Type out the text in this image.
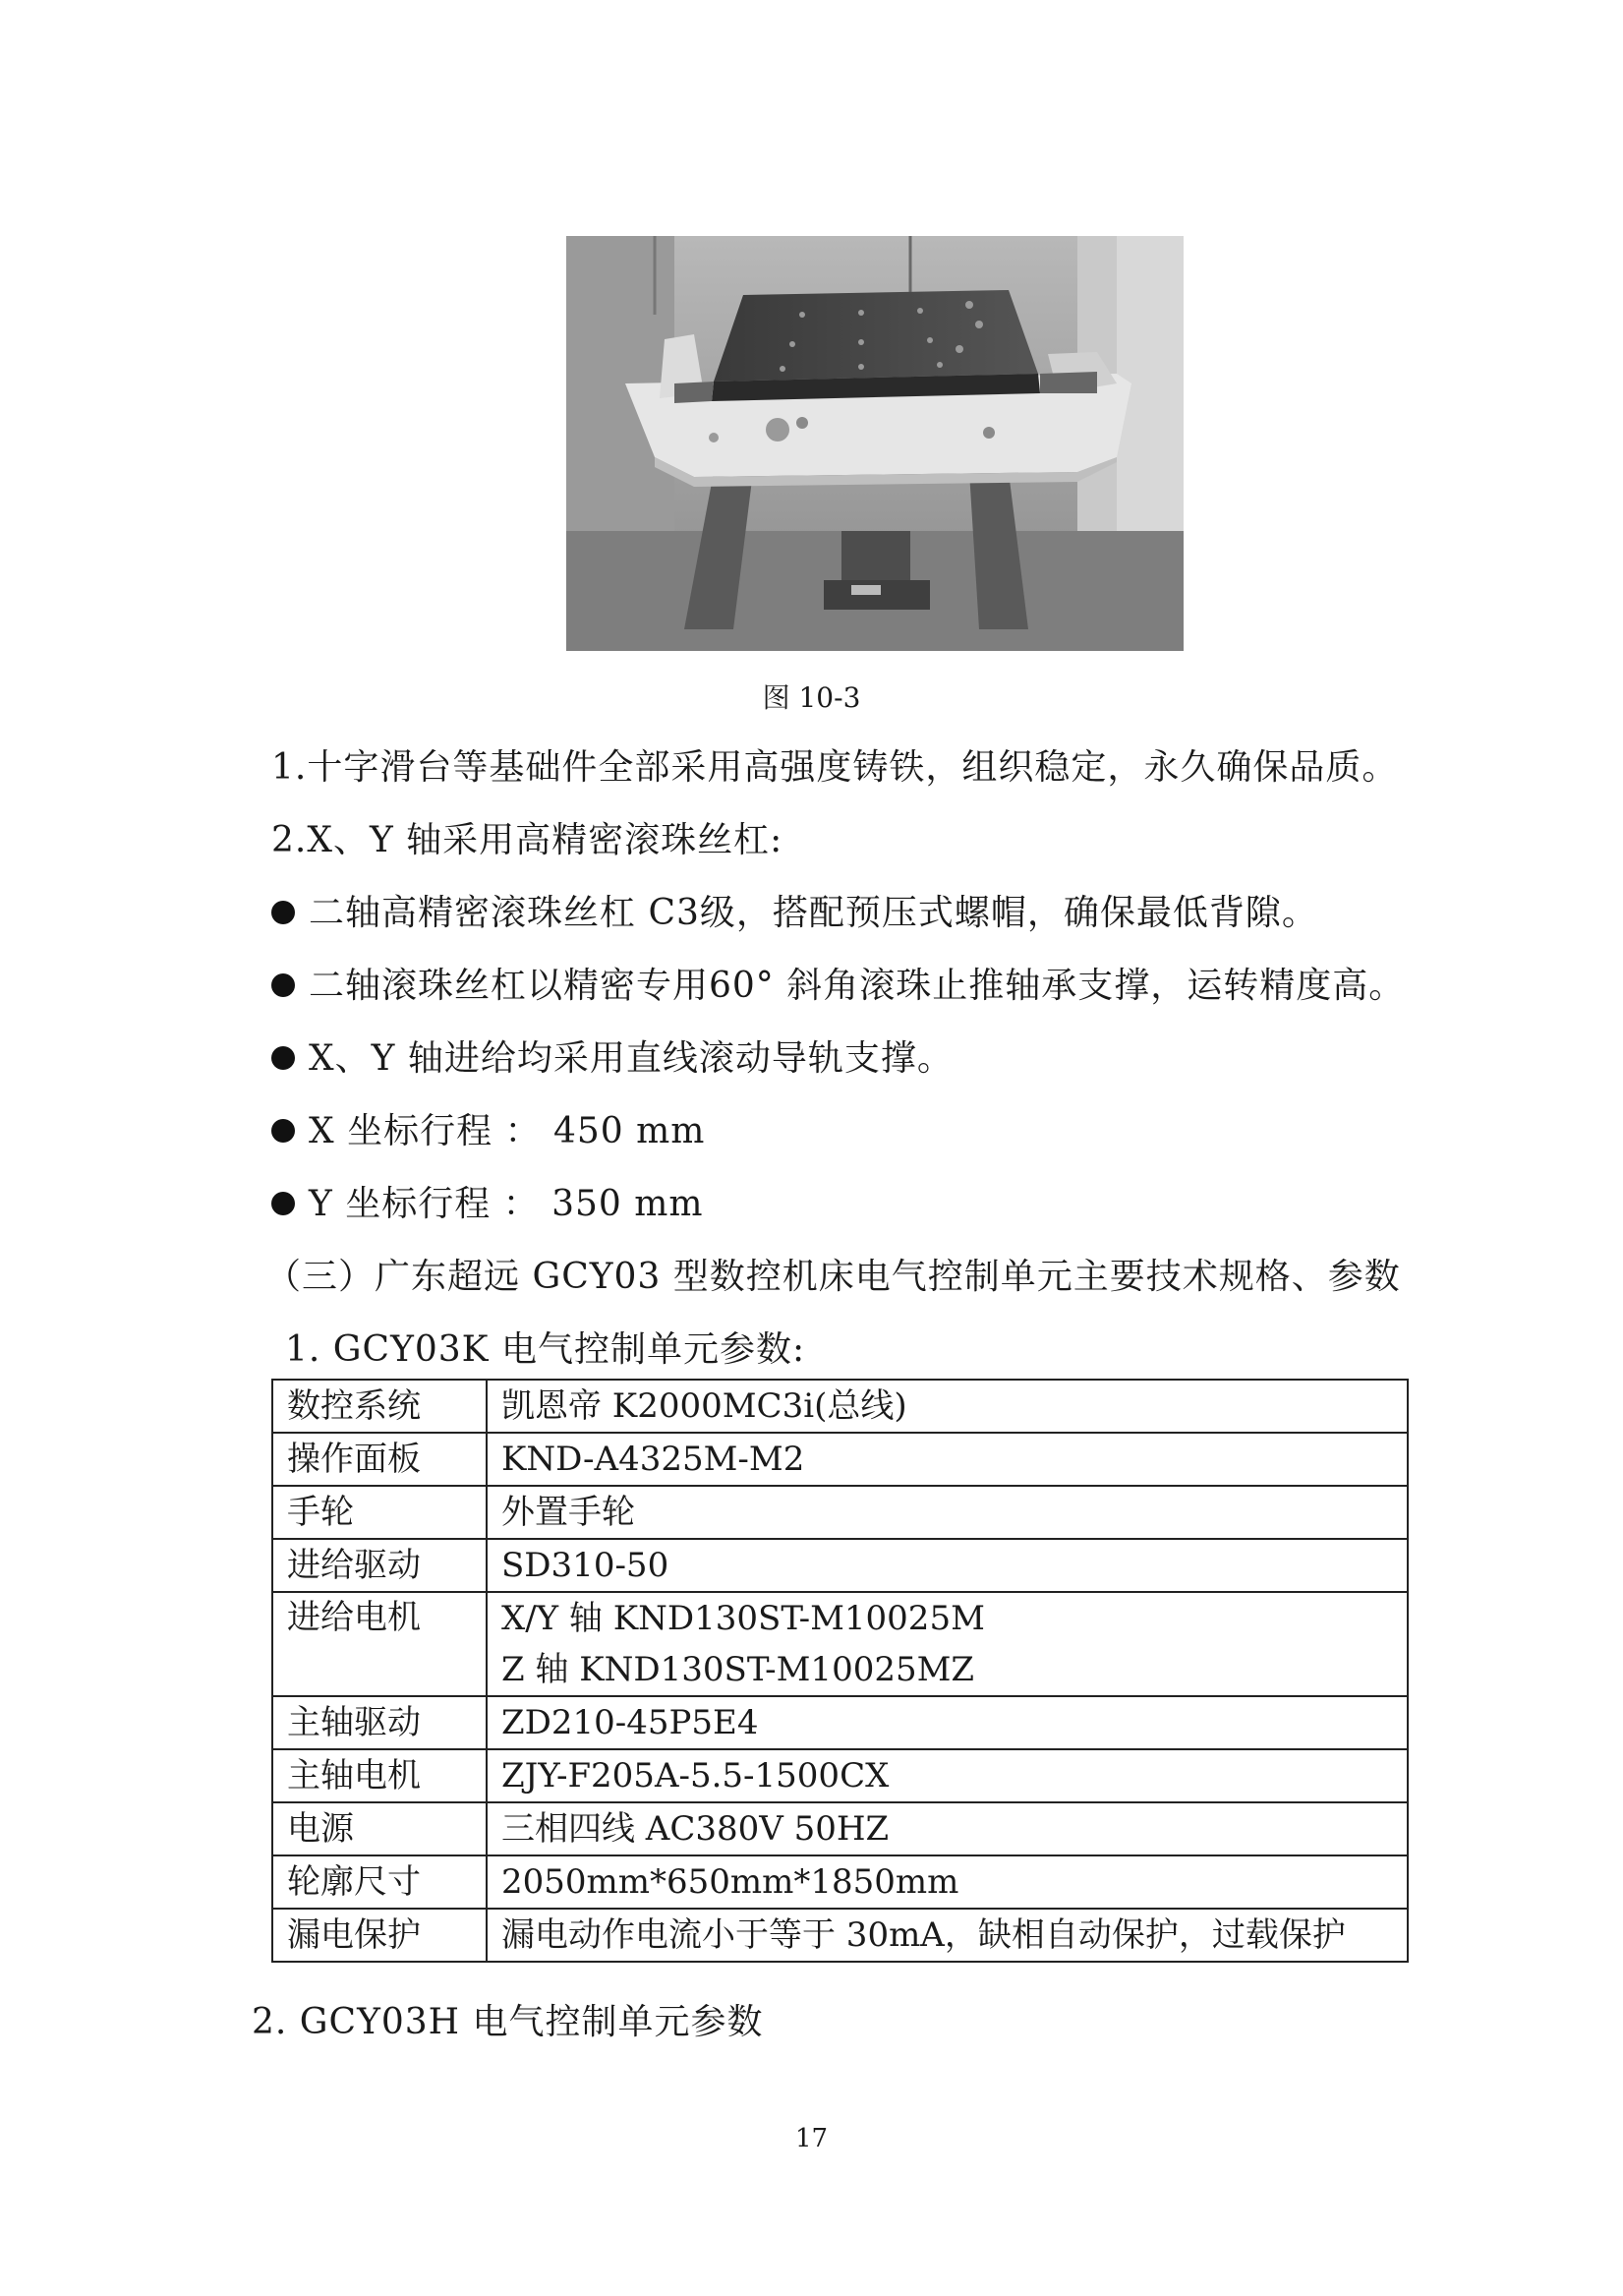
图 10-3
1.十字滑台等基础件全部采用高强度铸铁，组织稳定，永久确保品质。
2.X、Y 轴采用高精密滚珠丝杠:
二轴高精密滚珠丝杠 C3级，搭配预压式螺帽，确保最低背隙。
二轴滚珠丝杠以精密专用60° 斜角滚珠止推轴承支撑，运转精度高。
X、Y 轴进给均采用直线滚动导轨支撑。
X 坐标行程 ： 450 mm
Y 坐标行程 ： 350 mm
（三）广东超远 GCY03 型数控机床电气控制单元主要技术规格、参数
1. GCY03K 电气控制单元参数:
数控系统	凯恩帝 K2000MC3i(总线)

操作面板	KND-A4325M-M2

手轮	外置手轮

进给驱动	SD310-50

进给电机	X/Y 轴 KND130ST-M10025M
Z 轴 KND130ST-M10025MZ

主轴驱动	ZD210-45P5E4

主轴电机	ZJY-F205A-5.5-1500CX

电源	三相四线 AC380V 50HZ

轮廓尺寸	2050mm*650mm*1850mm

漏电保护	漏电动作电流小于等于 30mA，缺相自动保护，过载保护
2. GCY03H 电气控制单元参数
17
